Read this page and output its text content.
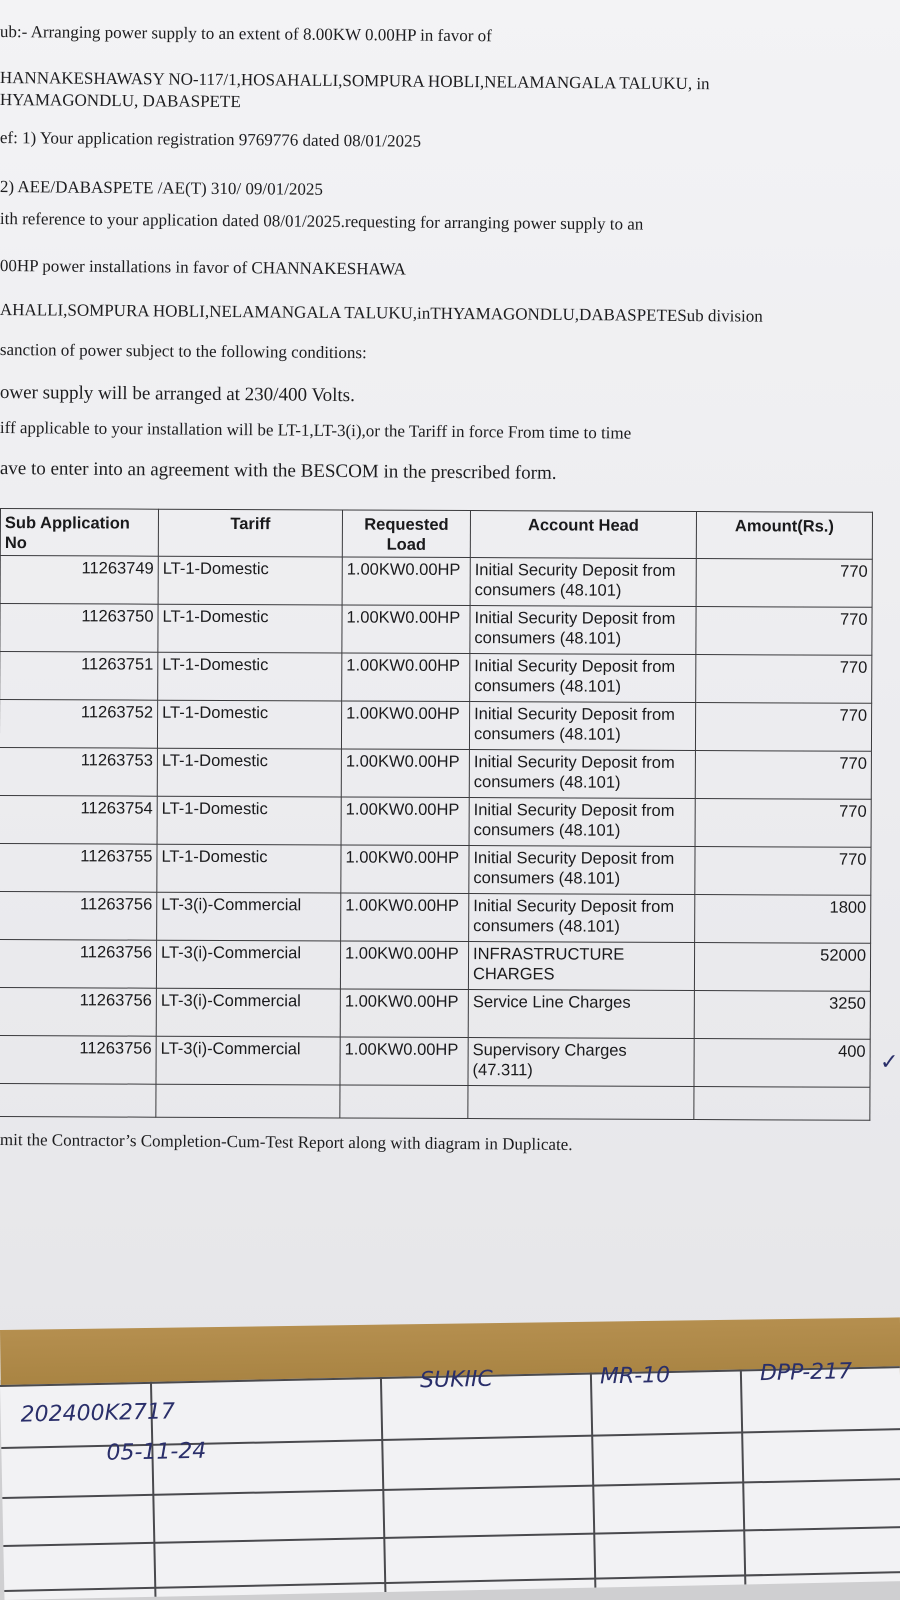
ub:- Arranging power supply to an extent of 8.00KW 0.00HP in favor of
HANNAKESHAWASY NO-117/1,HOSAHALLI,SOMPURA HOBLI,NELAMANGALA TALUKU, in
HYAMAGONDLU, DABASPETE
ef: 1) Your application registration 9769776 dated 08/01/2025
2) AEE/DABASPETE /AE(T) 310/ 09/01/2025
ith reference to your application dated 08/01/2025.requesting for arranging power supply to an
00HP power installations in favor of CHANNAKESHAWA
AHALLI,SOMPURA HOBLI,NELAMANGALA TALUKU,inTHYAMAGONDLU,DABASPETESub division
sanction of power subject to the following conditions:
ower supply will be arranged at 230/400 Volts.
iff applicable to your installation will be LT-1,LT-3(i),or the Tariff in force From time to time
ave to enter into an agreement with the BESCOM in the prescribed form.
Sub Application No	Tariff	Requested Load	Account Head	Amount(Rs.)
11263749	LT-1-Domestic	1.00KW0.00HP	Initial Security Deposit from consumers (48.101)	770
11263750	LT-1-Domestic	1.00KW0.00HP	Initial Security Deposit from consumers (48.101)	770
11263751	LT-1-Domestic	1.00KW0.00HP	Initial Security Deposit from consumers (48.101)	770
11263752	LT-1-Domestic	1.00KW0.00HP	Initial Security Deposit from consumers (48.101)	770
11263753	LT-1-Domestic	1.00KW0.00HP	Initial Security Deposit from consumers (48.101)	770
11263754	LT-1-Domestic	1.00KW0.00HP	Initial Security Deposit from consumers (48.101)	770
11263755	LT-1-Domestic	1.00KW0.00HP	Initial Security Deposit from consumers (48.101)	770
11263756	LT-3(i)-Commercial	1.00KW0.00HP	Initial Security Deposit from consumers (48.101)	1800
11263756	LT-3(i)-Commercial	1.00KW0.00HP	INFRASTRUCTURE CHARGES	52000
11263756	LT-3(i)-Commercial	1.00KW0.00HP	Service Line Charges	3250
11263756	LT-3(i)-Commercial	1.00KW0.00HP	Supervisory Charges (47.311)	400
				✓
mit the Contractor’s Completion-Cum-Test Report along with diagram in Duplicate.
202400K2717
05-11-24
SUKIIC	MR-10	DPP-217
